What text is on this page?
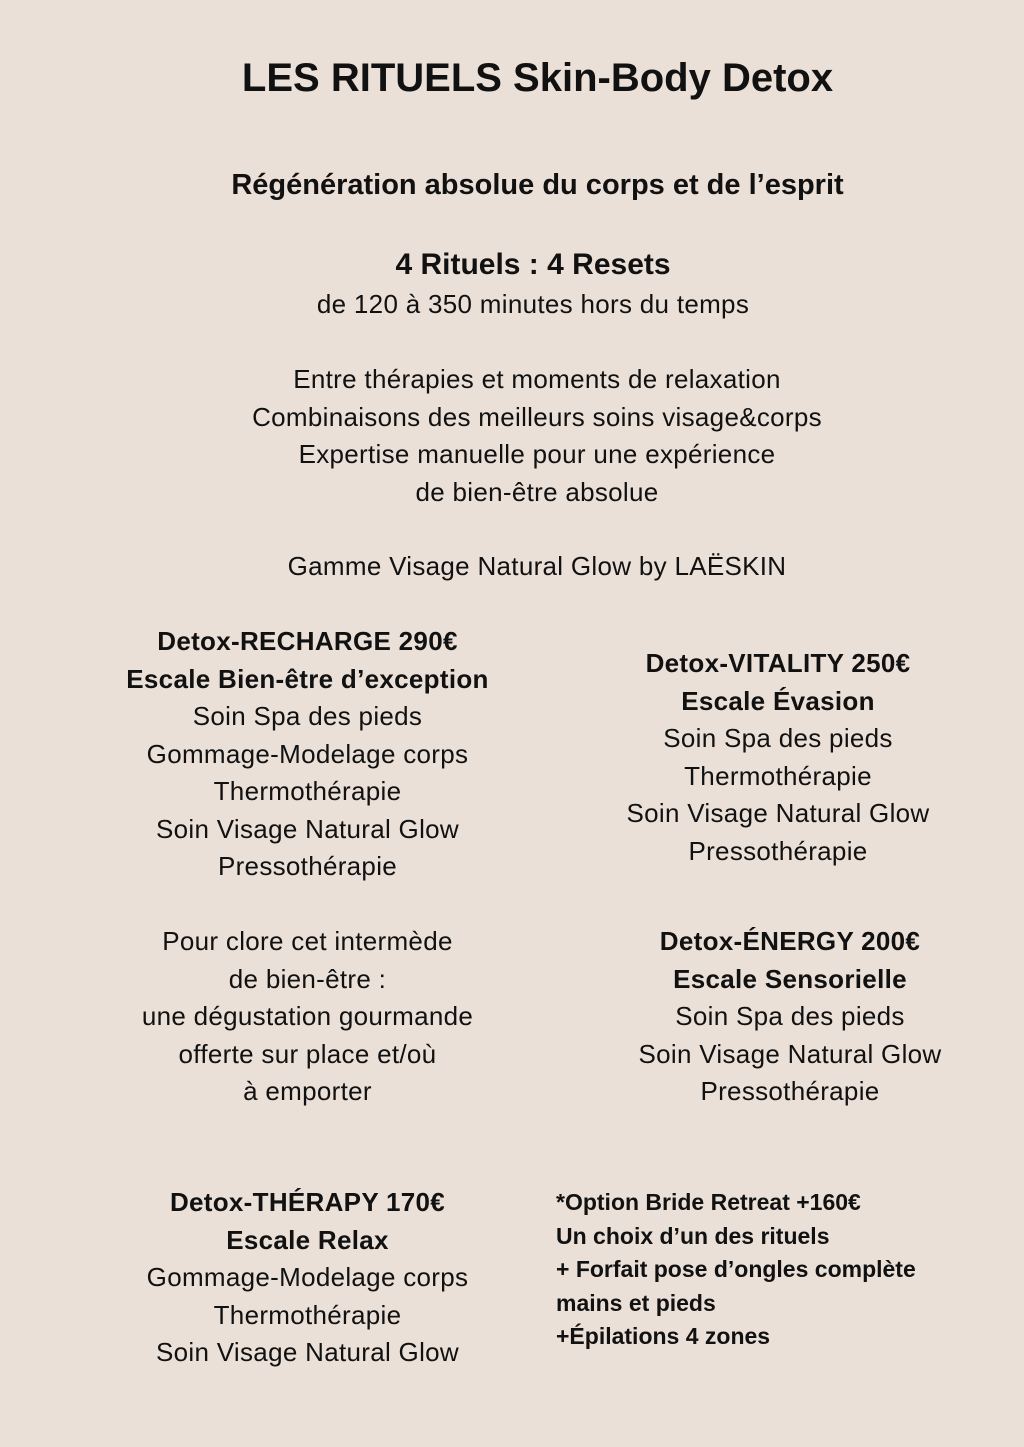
LES RITUELS Skin-Body Detox
Régénération absolue du corps et de l’esprit
4 Rituels : 4 Resets
de 120 à 350 minutes hors du temps
Entre thérapies et moments de relaxation
Combinaisons des meilleurs soins visage&corps
Expertise manuelle pour une expérience
de bien-être absolue
Gamme Visage Natural Glow by LAËSKIN
Detox-RECHARGE 290€
Escale Bien-être d’exception
Soin Spa des pieds
Gommage-Modelage corps
Thermothérapie
Soin Visage Natural Glow
Pressothérapie
Detox-VITALITY 250€
Escale Évasion
Soin Spa des pieds
Thermothérapie
Soin Visage Natural Glow
Pressothérapie
Pour clore cet intermède
de bien-être :
une dégustation gourmande
offerte sur place et/où
à emporter
Detox-ÉNERGY 200€
Escale Sensorielle
Soin Spa des pieds
Soin Visage Natural Glow
Pressothérapie
Detox-THÉRAPY 170€
Escale Relax
Gommage-Modelage corps
Thermothérapie
Soin Visage Natural Glow
*Option Bride Retreat +160€
Un choix d’un des rituels
+ Forfait pose d’ongles complète
mains et pieds
+Épilations 4 zones
